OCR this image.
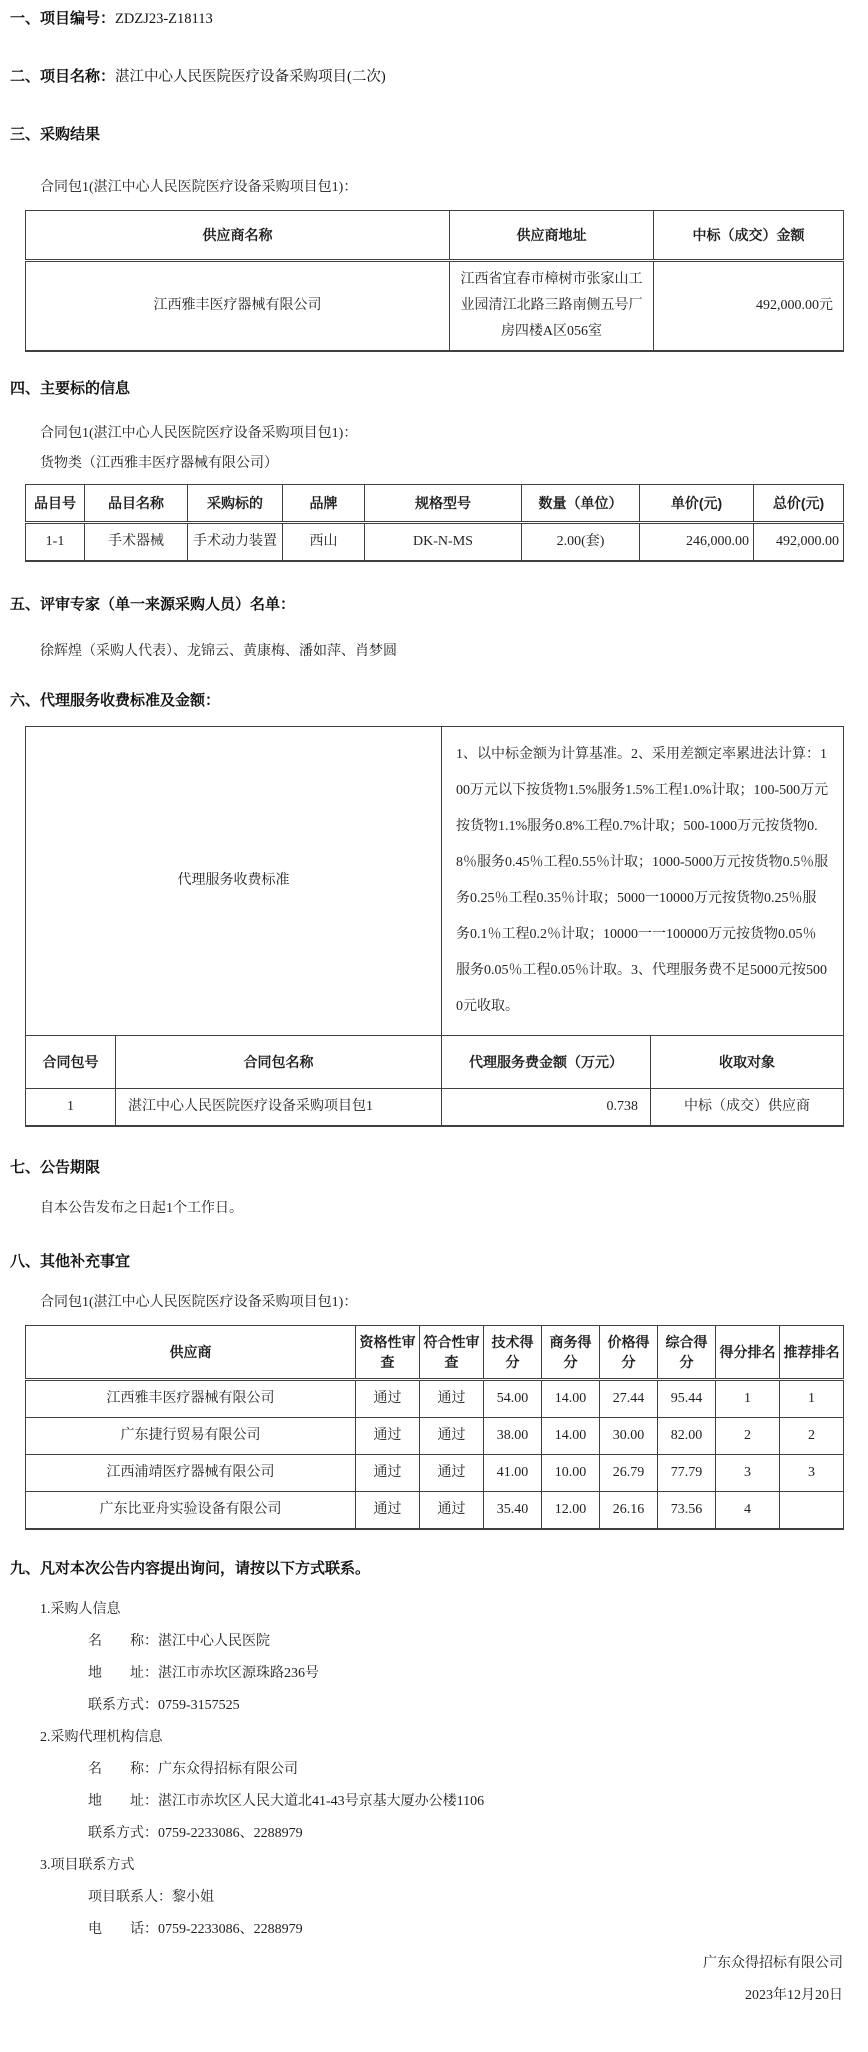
一、项目编号：ZDZJ23-Z18113
二、项目名称：湛江中心人民医院医疗设备采购项目(二次)
三、采购结果
合同包1(湛江中心人民医院医疗设备采购项目包1)：
供应商名称	供应商地址	中标（成交）金额
江西雅丰医疗器械有限公司	江西省宜春市樟树市张家山工业园清江北路三路南侧五号厂房四楼A区056室	492,000.00元
四、主要标的信息
合同包1(湛江中心人民医院医疗设备采购项目包1)：
货物类（江西雅丰医疗器械有限公司）
品目号	品目名称	采购标的	品牌	规格型号	数量（单位）	单价(元)	总价(元)
1-1	手术器械	手术动力装置	西山	DK-N-MS	2.00(套)	246,000.00	492,000.00
五、评审专家（单一来源采购人员）名单：
徐辉煌（采购人代表）、龙锦云、黄康梅、潘如萍、肖梦圆
六、代理服务收费标准及金额：
代理服务收费标准		1、以中标金额为计算基准。2、采用差额定率累进法计算：100万元以下按货物1.5%服务1.5%工程1.0%计取；100-500万元按货物1.1%服务0.8%工程0.7%计取；500-1000万元按货物0.8％服务0.45％工程0.55％计取；1000-5000万元按货物0.5％服务0.25％工程0.35％计取；5000一10000万元按货物0.25％服务0.1％工程0.2％计取；10000一一100000万元按货物0.05％服务0.05％工程0.05％计取。3、代理服务费不足5000元按5000元收取。	
合同包号	合同包名称	代理服务费金额（万元）	收取对象
1	湛江中心人民医院医疗设备采购项目包1	0.738	中标（成交）供应商
七、公告期限
自本公告发布之日起1个工作日。
八、其他补充事宜
合同包1(湛江中心人民医院医疗设备采购项目包1)：
供应商	资格性审查	符合性审查	技术得分	商务得分	价格得分	综合得分	得分排名	推荐排名
江西雅丰医疗器械有限公司	通过	通过	54.00	14.00	27.44	95.44	1	1
广东捷行贸易有限公司	通过	通过	38.00	14.00	30.00	82.00	2	2
江西浦靖医疗器械有限公司	通过	通过	41.00	10.00	26.79	77.79	3	3
广东比亚舟实验设备有限公司	通过	通过	35.40	12.00	26.16	73.56	4	
九、凡对本次公告内容提出询问，请按以下方式联系。
1.采购人信息
名　　称：湛江中心人民医院
地　　址：湛江市赤坎区源珠路236号
联系方式：0759-3157525
2.采购代理机构信息
名　　称：广东众得招标有限公司
地　　址：湛江市赤坎区人民大道北41-43号京基大厦办公楼1106
联系方式：0759-2233086、2288979
3.项目联系方式
项目联系人：黎小姐
电　　话：0759-2233086、2288979
广东众得招标有限公司
2023年12月20日
